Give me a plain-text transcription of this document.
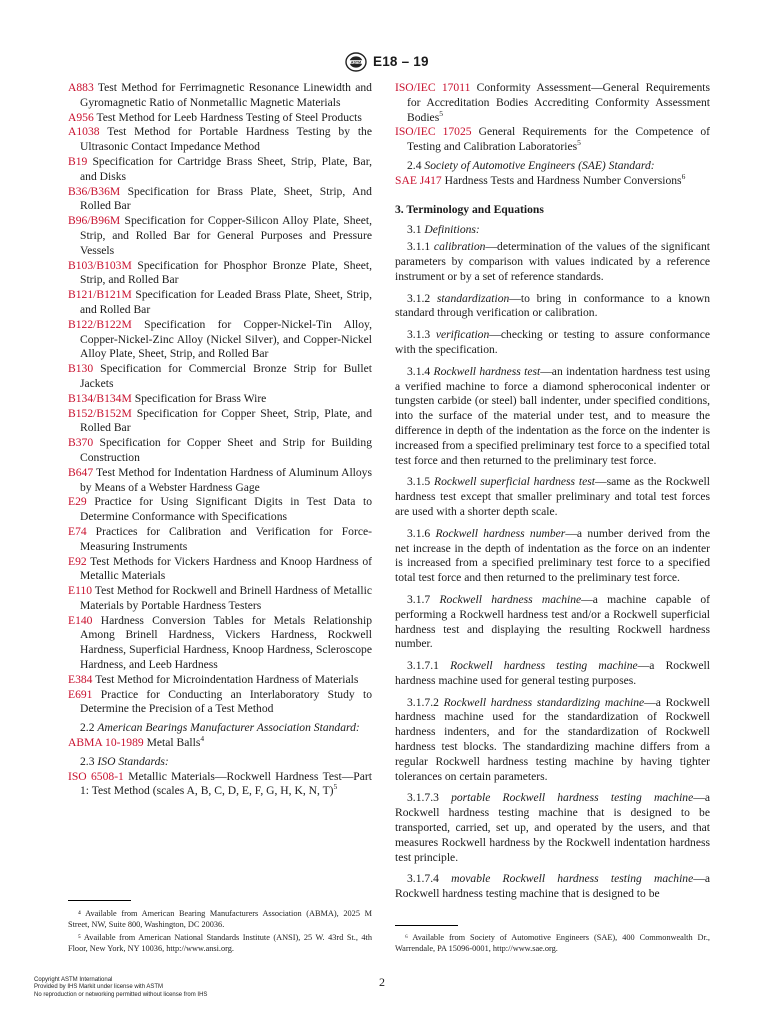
ASTM E18 – 19
A883 Test Method for Ferrimagnetic Resonance Linewidth and Gyromagnetic Ratio of Nonmetallic Magnetic Materials
A956 Test Method for Leeb Hardness Testing of Steel Products
A1038 Test Method for Portable Hardness Testing by the Ultrasonic Contact Impedance Method
B19 Specification for Cartridge Brass Sheet, Strip, Plate, Bar, and Disks
B36/B36M Specification for Brass Plate, Sheet, Strip, And Rolled Bar
B96/B96M Specification for Copper-Silicon Alloy Plate, Sheet, Strip, and Rolled Bar for General Purposes and Pressure Vessels
B103/B103M Specification for Phosphor Bronze Plate, Sheet, Strip, and Rolled Bar
B121/B121M Specification for Leaded Brass Plate, Sheet, Strip, and Rolled Bar
B122/B122M Specification for Copper-Nickel-Tin Alloy, Copper-Nickel-Zinc Alloy (Nickel Silver), and Copper-Nickel Alloy Plate, Sheet, Strip, and Rolled Bar
B130 Specification for Commercial Bronze Strip for Bullet Jackets
B134/B134M Specification for Brass Wire
B152/B152M Specification for Copper Sheet, Strip, Plate, and Rolled Bar
B370 Specification for Copper Sheet and Strip for Building Construction
B647 Test Method for Indentation Hardness of Aluminum Alloys by Means of a Webster Hardness Gage
E29 Practice for Using Significant Digits in Test Data to Determine Conformance with Specifications
E74 Practices for Calibration and Verification for Force-Measuring Instruments
E92 Test Methods for Vickers Hardness and Knoop Hardness of Metallic Materials
E110 Test Method for Rockwell and Brinell Hardness of Metallic Materials by Portable Hardness Testers
E140 Hardness Conversion Tables for Metals Relationship Among Brinell Hardness, Vickers Hardness, Rockwell Hardness, Superficial Hardness, Knoop Hardness, Scleroscope Hardness, and Leeb Hardness
E384 Test Method for Microindentation Hardness of Materials
E691 Practice for Conducting an Interlaboratory Study to Determine the Precision of a Test Method
2.2 American Bearings Manufacturer Association Standard:
ABMA 10-1989 Metal Balls$^4$
2.3 ISO Standards:
ISO 6508-1 Metallic Materials—Rockwell Hardness Test—Part 1: Test Method (scales A, B, C, D, E, F, G, H, K, N, T)$^5$
ISO/IEC 17011 Conformity Assessment—General Requirements for Accreditation Bodies Accrediting Conformity Assessment Bodies$^5$
ISO/IEC 17025 General Requirements for the Competence of Testing and Calibration Laboratories$^5$
2.4 Society of Automotive Engineers (SAE) Standard:
SAE J417 Hardness Tests and Hardness Number Conversions$^6$
3. Terminology and Equations
3.1 Definitions:
3.1.1 calibration—determination of the values of the significant parameters by comparison with values indicated by a reference instrument or by a set of reference standards.
3.1.2 standardization—to bring in conformance to a known standard through verification or calibration.
3.1.3 verification—checking or testing to assure conformance with the specification.
3.1.4 Rockwell hardness test—an indentation hardness test using a verified machine to force a diamond spheroconical indenter or tungsten carbide (or steel) ball indenter, under specified conditions, into the surface of the material under test, and to measure the difference in depth of the indentation as the force on the indenter is increased from a specified preliminary test force to a specified total test force and then returned to the preliminary test force.
3.1.5 Rockwell superficial hardness test—same as the Rockwell hardness test except that smaller preliminary and total test forces are used with a shorter depth scale.
3.1.6 Rockwell hardness number—a number derived from the net increase in the depth of indentation as the force on an indenter is increased from a specified preliminary test force to a specified total test force and then returned to the preliminary test force.
3.1.7 Rockwell hardness machine—a machine capable of performing a Rockwell hardness test and/or a Rockwell superficial hardness test and displaying the resulting Rockwell hardness number.
3.1.7.1 Rockwell hardness testing machine—a Rockwell hardness machine used for general testing purposes.
3.1.7.2 Rockwell hardness standardizing machine—a Rockwell hardness machine used for the standardization of Rockwell hardness indenters, and for the standardization of Rockwell hardness test blocks. The standardizing machine differs from a regular Rockwell hardness testing machine by having tighter tolerances on certain parameters.
3.1.7.3 portable Rockwell hardness testing machine—a Rockwell hardness testing machine that is designed to be transported, carried, set up, and operated by the users, and that measures Rockwell hardness by the Rockwell indentation hardness test principle.
3.1.7.4 movable Rockwell hardness testing machine—a Rockwell hardness testing machine that is designed to be
⁴ Available from American Bearing Manufacturers Association (ABMA), 2025 M Street, NW, Suite 800, Washington, DC 20036.
⁵ Available from American National Standards Institute (ANSI), 25 W. 43rd St., 4th Floor, New York, NY 10036, http://www.ansi.org.
⁶ Available from Society of Automotive Engineers (SAE), 400 Commonwealth Dr., Warrendale, PA 15096-0001, http://www.sae.org.
2
Copyright ASTM International
Provided by IHS Markit under license with ASTM
No reproduction or networking permitted without license from IHS
